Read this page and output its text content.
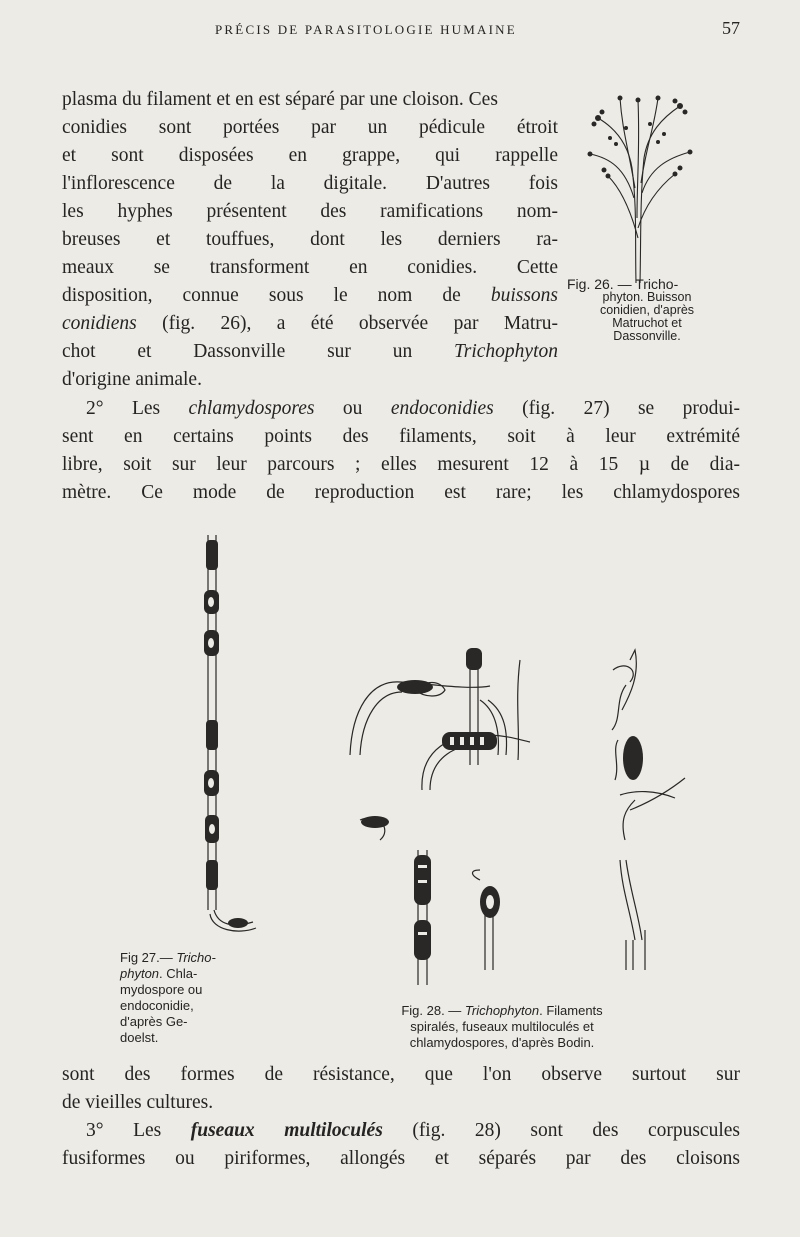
PRÉCIS DE PARASITOLOGIE HUMAINE	57
plasma du filament et en est séparé par une cloison. Ces
conidies sont portées par un pédicule étroit
et sont disposées en grappe, qui rappelle
l'inflorescence de la digitale. D'autres fois
les hyphes présentent des ramifications nom-
breuses et touffues, dont les derniers ra-
meaux se transforment en conidies. Cette
disposition, connue sous le nom de buissons
conidiens (fig. 26), a été observée par Matru-
chot et Dassonville sur un Trichophyton
d'origine animale.
Fig. 26. — Tricho-
phyton. Buisson
conidien, d'après
Matruchot et
Dassonville.
2° Les chlamydospores ou endoconidies (fig. 27) se produi-
sent en certains points des filaments, soit à leur extrémité
libre, soit sur leur parcours ; elles mesurent 12 à 15 µ de dia-
mètre. Ce mode de reproduction est rare; les chlamydospores
Fig 27.— Tricho-
phyton. Chla-
mydospore ou
endoconidie,
d'après Ge-
doelst.
Fig. 28. — Trichophyton. Filaments
spiralés, fuseaux multiloculés et
chlamydospores, d'après Bodin.
sont des formes de résistance, que l'on observe surtout sur
de vieilles cultures.
3° Les fuseaux multiloculés (fig. 28) sont des corpuscules
fusiformes ou piriformes, allongés et séparés par des cloisons
